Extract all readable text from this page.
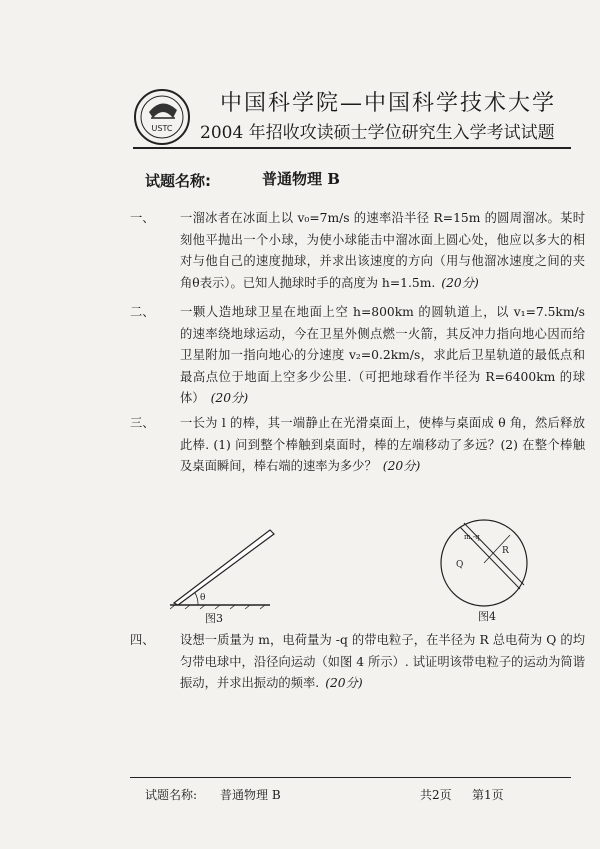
USTC
中国科学院—中国科学技术大学
2004 年招收攻读硕士学位研究生入学考试试题
试题名称:	普通物理 B
一、	一溜冰者在冰面上以 v₀=7m/s 的速率沿半径 R=15m 的圆周溜冰。某时刻他平抛出一个小球，为使小球能击中溜冰面上圆心处，他应以多大的相对与他自己的速度抛球，并求出该速度的方向（用与他溜冰速度之间的夹角θ表示）。已知人抛球时手的高度为 h=1.5m. (20分)
二、	一颗人造地球卫星在地面上空 h=800km 的圆轨道上，以 v₁=7.5km/s 的速率绕地球运动，今在卫星外侧点燃一火箭，其反冲力指向地心因而给卫星附加一指向地心的分速度 v₂=0.2km/s，求此后卫星轨道的最低点和最高点位于地面上空多少公里.（可把地球看作半径为 R=6400km 的球体） (20分)
三、	一长为 l 的棒，其一端静止在光滑桌面上，使棒与桌面成 θ 角，然后释放此棒. (1) 问到整个棒触到桌面时，棒的左端移动了多远？(2) 在整个棒触及桌面瞬间，棒右端的速率为多少？ (20分)
θ
图3
m,-q
R
Q
图4
四、	设想一质量为 m，电荷量为 -q 的带电粒子，在半径为 R 总电荷为 Q 的均匀带电球中，沿径向运动（如图 4 所示）. 试证明该带电粒子的运动为简谐振动，并求出振动的频率. (20分)
试题名称: 普通物理 B	共2页 第1页
